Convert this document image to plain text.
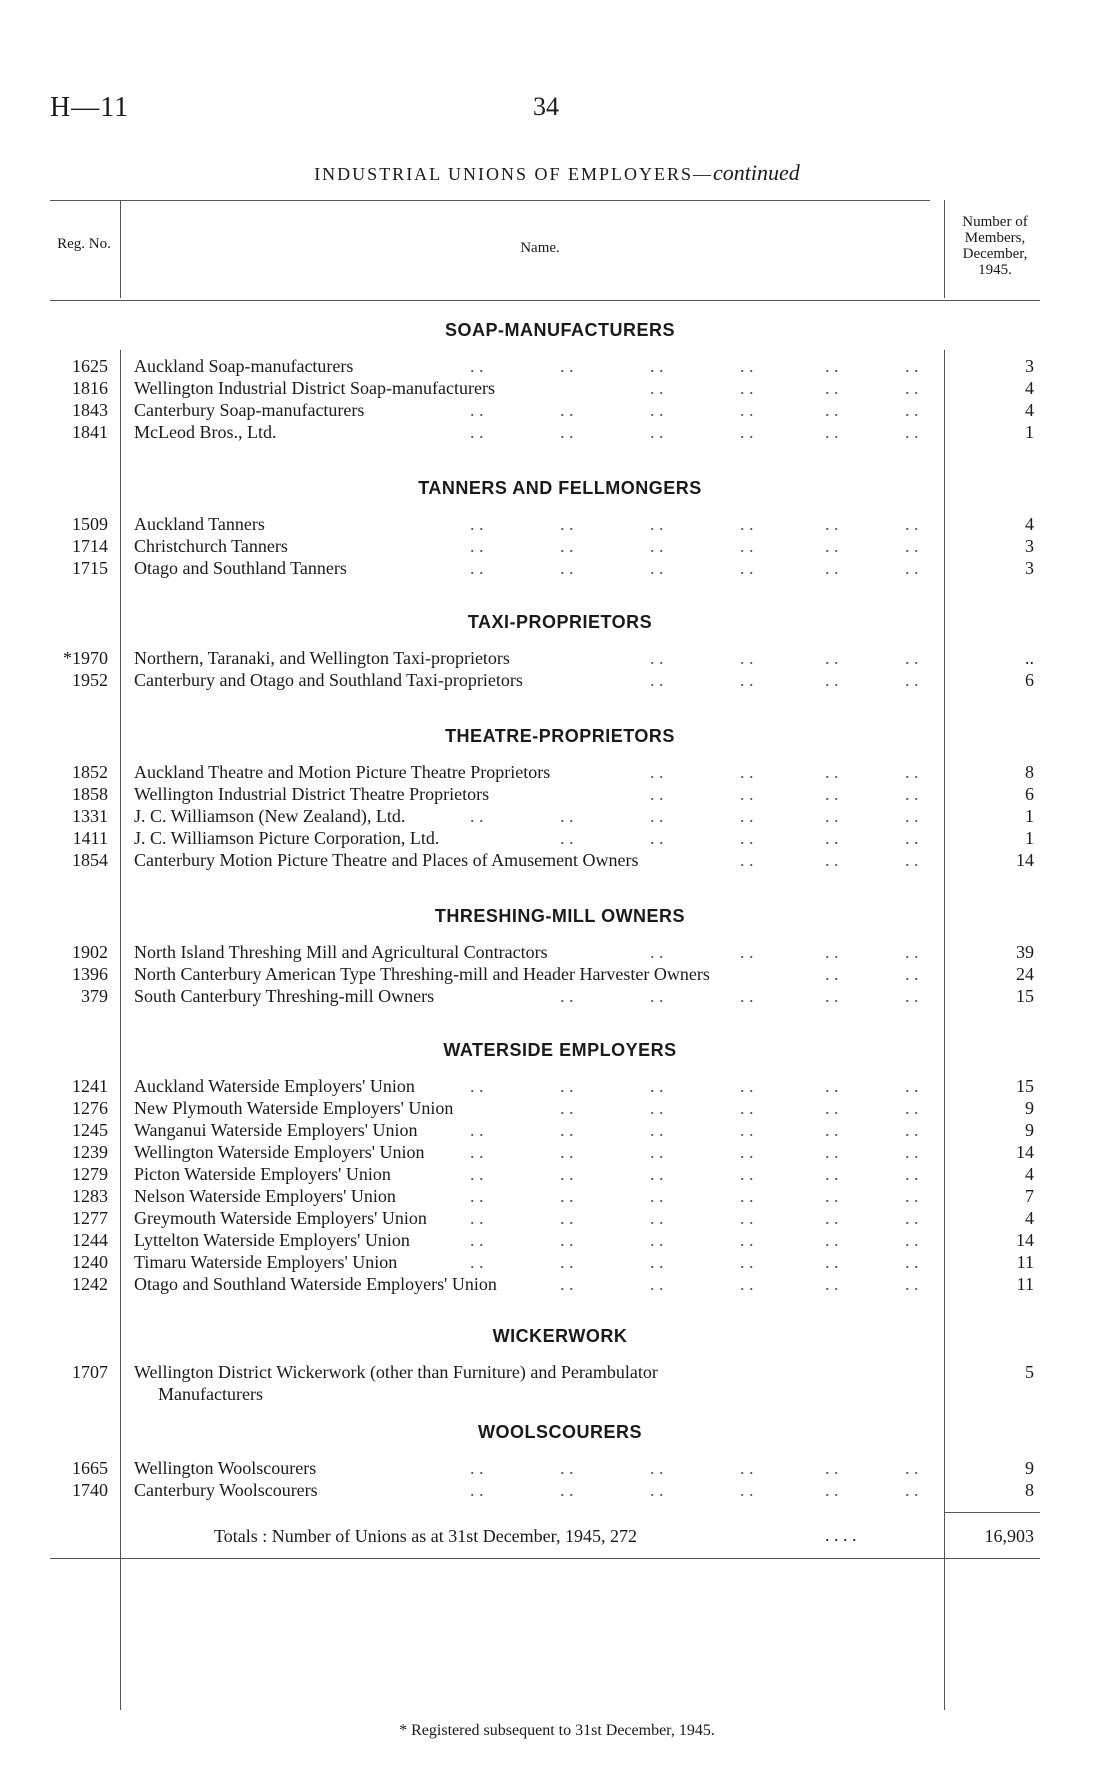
H—11	34
INDUSTRIAL UNIONS OF EMPLOYERS—continued
Reg. No.	Name.
Number of Members, December, 1945.
SOAP-MANUFACTURERS
1625 Auckland Soap-manufacturers	3
. .	. .	. .	. .	. .	. .
1816 Wellington Industrial District Soap-manufacturers	4
. .	. .	. .	. .
1843 Canterbury Soap-manufacturers	4
. .	. .	. .	. .	. .	. .
1841 McLeod Bros., Ltd.	1
. .	. .	. .	. .	. .	. .
TANNERS AND FELLMONGERS
1509 Auckland Tanners	4
. .	. .	. .	. .	. .	. .
1714 Christchurch Tanners	3
. .	. .	. .	. .	. .	. .
1715 Otago and Southland Tanners	3
. .	. .	. .	. .	. .	. .
TAXI-PROPRIETORS
*1970 Northern, Taranaki, and Wellington Taxi-proprietors	..
. .	. .	. .	. .
1952 Canterbury and Otago and Southland Taxi-proprietors	6
. .	. .	. .	. .
THEATRE-PROPRIETORS
1852 Auckland Theatre and Motion Picture Theatre Proprietors	8
. .	. .	. .	. .
1858 Wellington Industrial District Theatre Proprietors	6
. .	. .	. .	. .
1331 J. C. Williamson (New Zealand), Ltd.	1
. .	. .	. .	. .	. .	. .
1411 J. C. Williamson Picture Corporation, Ltd.	1
. .	. .	. .	. .	. .
1854 Canterbury Motion Picture Theatre and Places of Amusement Owners	14
. .	. .	. .
THRESHING-MILL OWNERS
1902 North Island Threshing Mill and Agricultural Contractors	39
. .	. .	. .	. .
1396 North Canterbury American Type Threshing-mill and Header Harvester Owners	24
. .	. .
379 South Canterbury Threshing-mill Owners	15
. .	. .	. .	. .	. .
WATERSIDE EMPLOYERS
1241 Auckland Waterside Employers' Union	15
. .	. .	. .	. .	. .	. .
1276 New Plymouth Waterside Employers' Union	9
. .	. .	. .	. .	. .
1245 Wanganui Waterside Employers' Union	9
. .	. .	. .	. .	. .	. .
1239 Wellington Waterside Employers' Union	14
. .	. .	. .	. .	. .	. .
1279 Picton Waterside Employers' Union	4
. .	. .	. .	. .	. .	. .
1283 Nelson Waterside Employers' Union	7
. .	. .	. .	. .	. .	. .
1277 Greymouth Waterside Employers' Union	4
. .	. .	. .	. .	. .	. .
1244 Lyttelton Waterside Employers' Union	14
. .	. .	. .	. .	. .	. .
1240 Timaru Waterside Employers' Union	11
. .	. .	. .	. .	. .	. .
1242 Otago and Southland Waterside Employers' Union	11
. .	. .	. .	. .	. .
WICKERWORK
1707 Wellington District Wickerwork (other than Furniture) and Perambulator	5
Manufacturers
WOOLSCOURERS
1665 Wellington Woolscourers	9
. .	. .	. .	. .	. .	. .
1740 Canterbury Woolscourers	8
. .	. .	. .	. .	. .	. .
Totals : Number of Unions as at 31st December, 1945, 272	. . . .	16,903
* Registered subsequent to 31st December, 1945.
